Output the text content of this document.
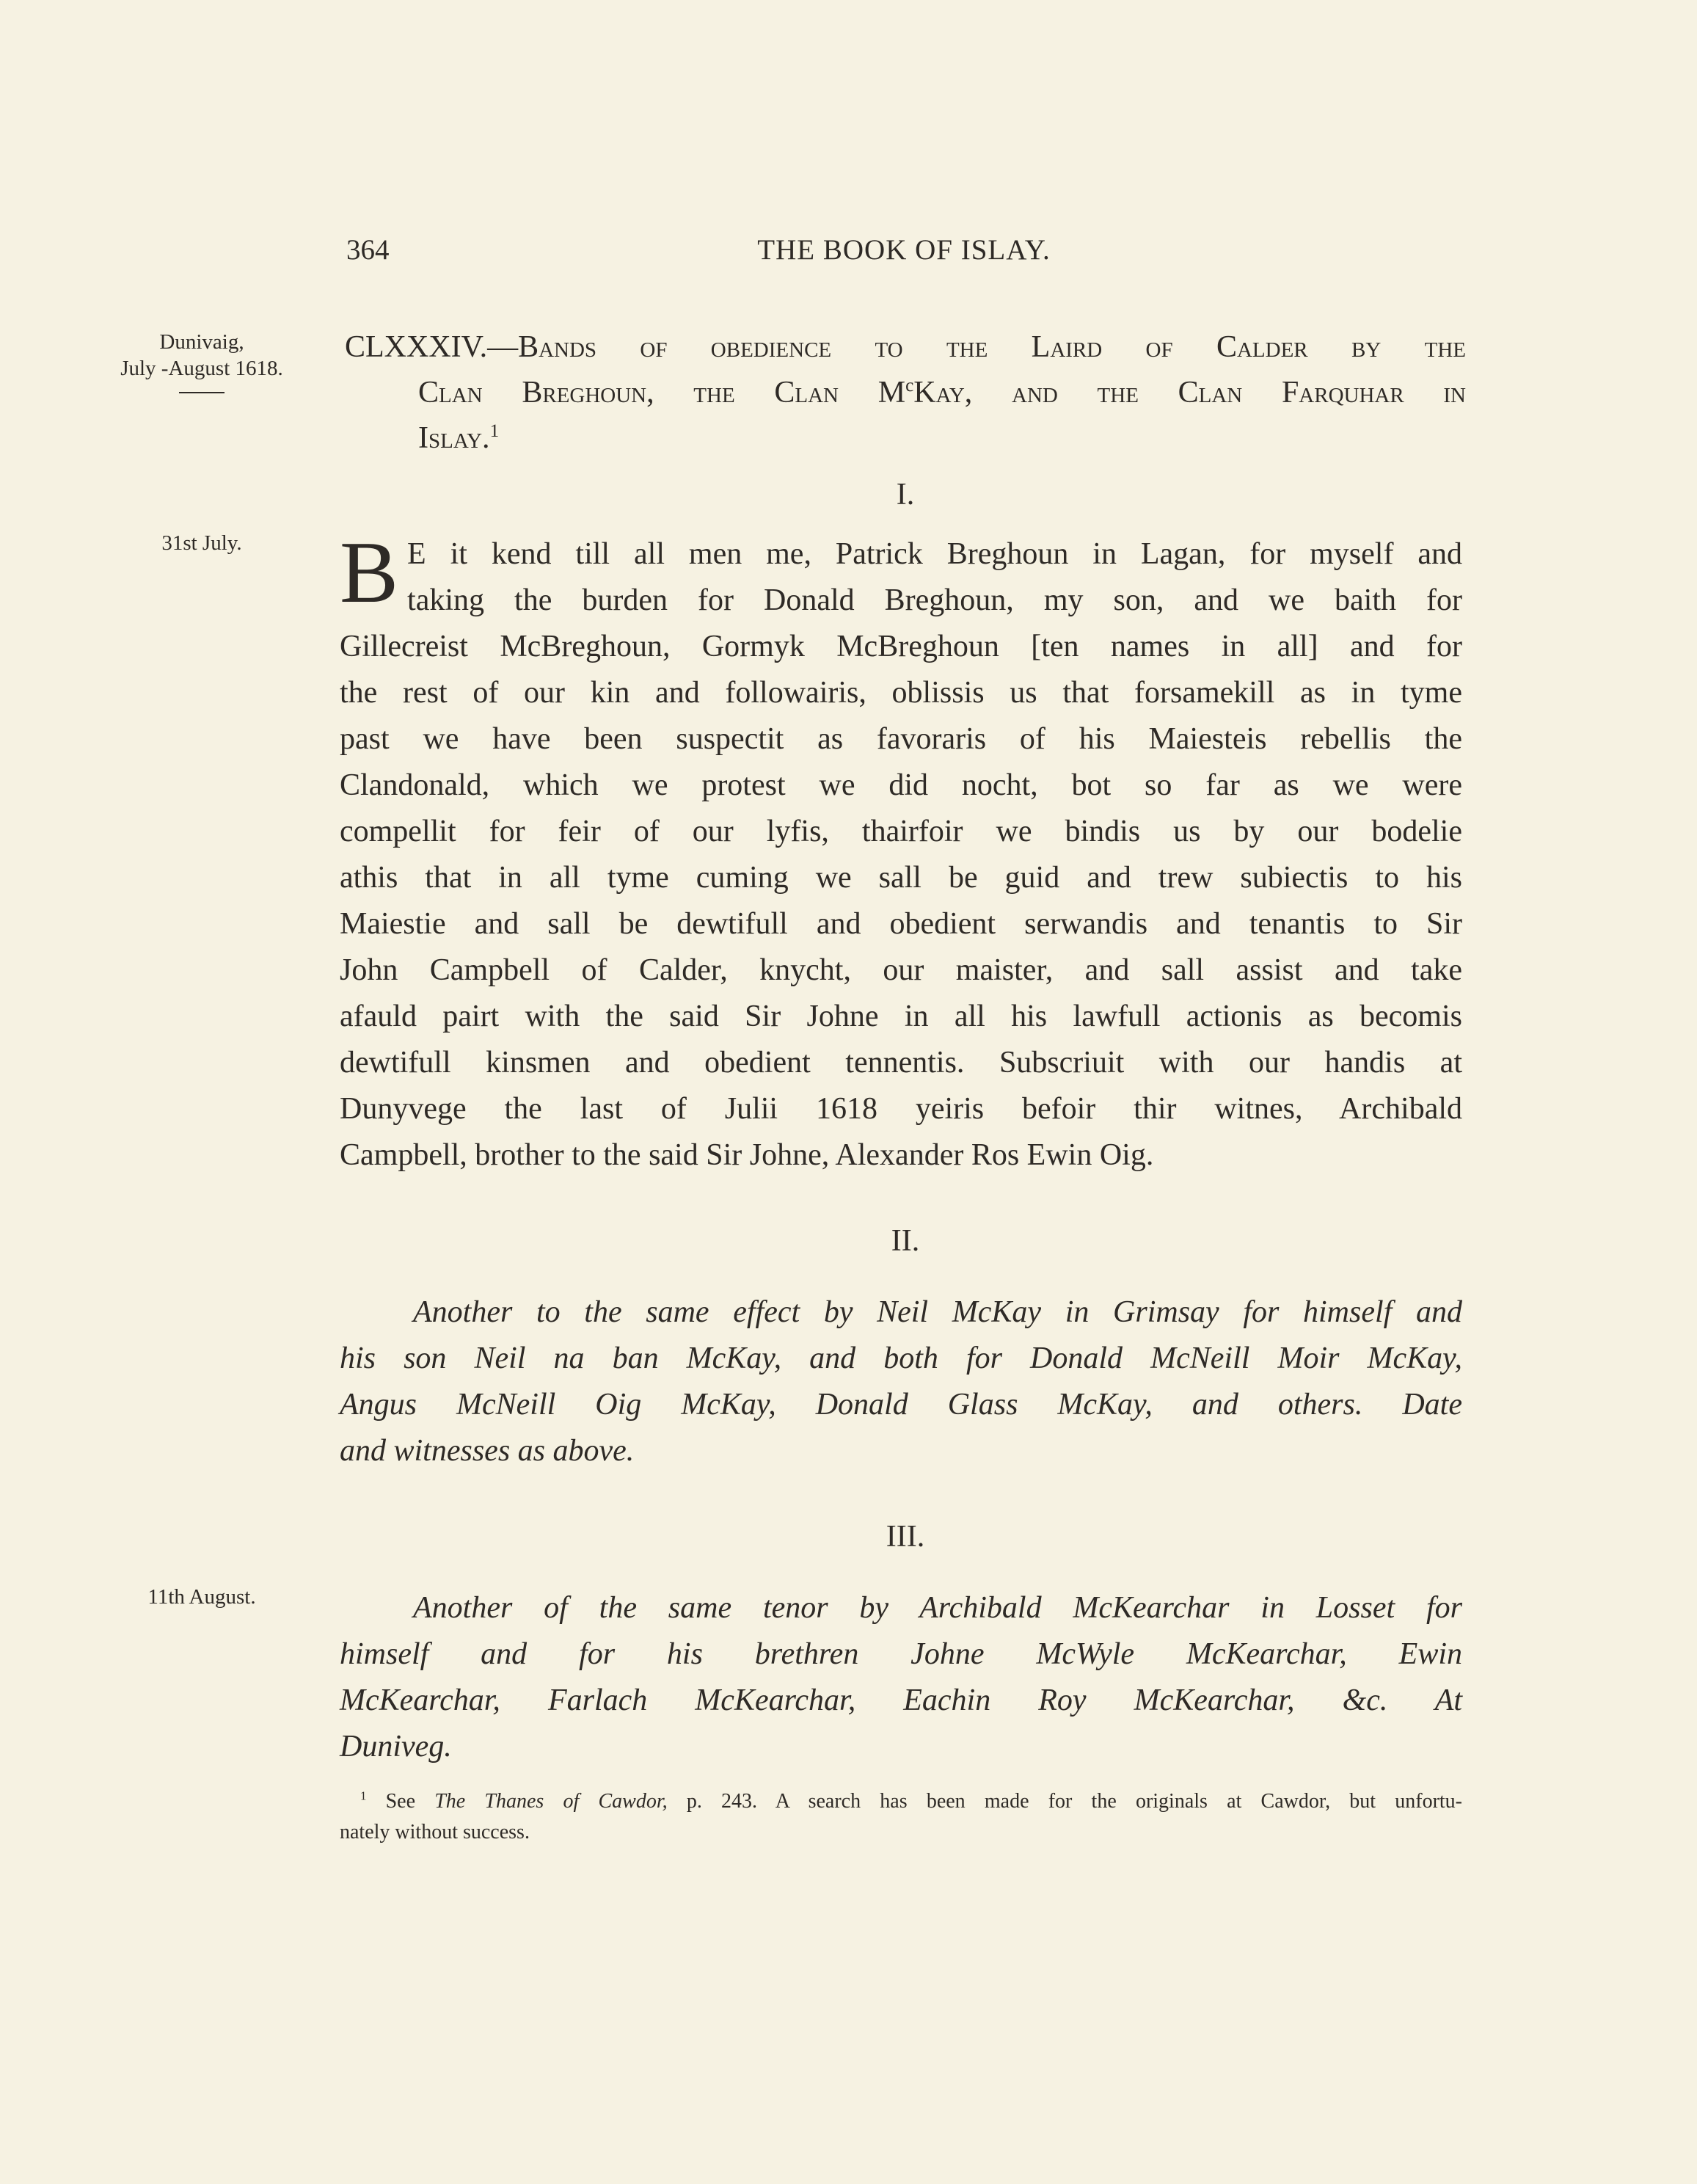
364	THE BOOK OF ISLAY.
Dunivaig,
July -August 1618.
31st July.
11th August.
CLXXXIV.—Bands of obedience to the Laird of Calder by the
Clan Breghoun, the Clan $M^cKay$, and the Clan Farquhar in
Islay.$^1$
I.
B E it kend till all men me, Patrick Breghoun in Lagan, for myself and
taking the burden for Donald Breghoun, my son, and we baith for
Gillecreist McBreghoun, Gormyk McBreghoun [ten names in all] and for
the rest of our kin and followairis, oblissis us that forsamekill as in tyme
past we have been suspectit as favoraris of his Maiesteis rebellis the
Clandonald, which we protest we did nocht, bot so far as we were
compellit for feir of our lyfis, thairfoir we bindis us by our bodelie
athis that in all tyme cuming we sall be guid and trew subiectis to his
Maiestie and sall be dewtifull and obedient serwandis and tenantis to Sir
John Campbell of Calder, knycht, our maister, and sall assist and take
afauld pairt with the said Sir Johne in all his lawfull actionis as becomis
dewtifull kinsmen and obedient tennentis. Subscriuit with our handis at
Dunyvege the last of Julii 1618 yeiris befoir thir witnes, Archibald
Campbell, brother to the said Sir Johne, Alexander Ros Ewin Oig.
II.
Another to the same effect by Neil McKay in Grimsay for himself and
his son Neil na ban McKay, and both for Donald McNeill Moir McKay,
Angus McNeill Oig McKay, Donald Glass McKay, and others. Date
and witnesses as above.
III.
Another of the same tenor by Archibald McKearchar in Losset for
himself and for his brethren Johne McWyle McKearchar, Ewin
McKearchar, Farlach McKearchar, Eachin Roy McKearchar, &c. At
Duniveg.
$^1$ See The Thanes of Cawdor, p. 243. A search has been made for the originals at Cawdor, but unfortu-
nately without success.
